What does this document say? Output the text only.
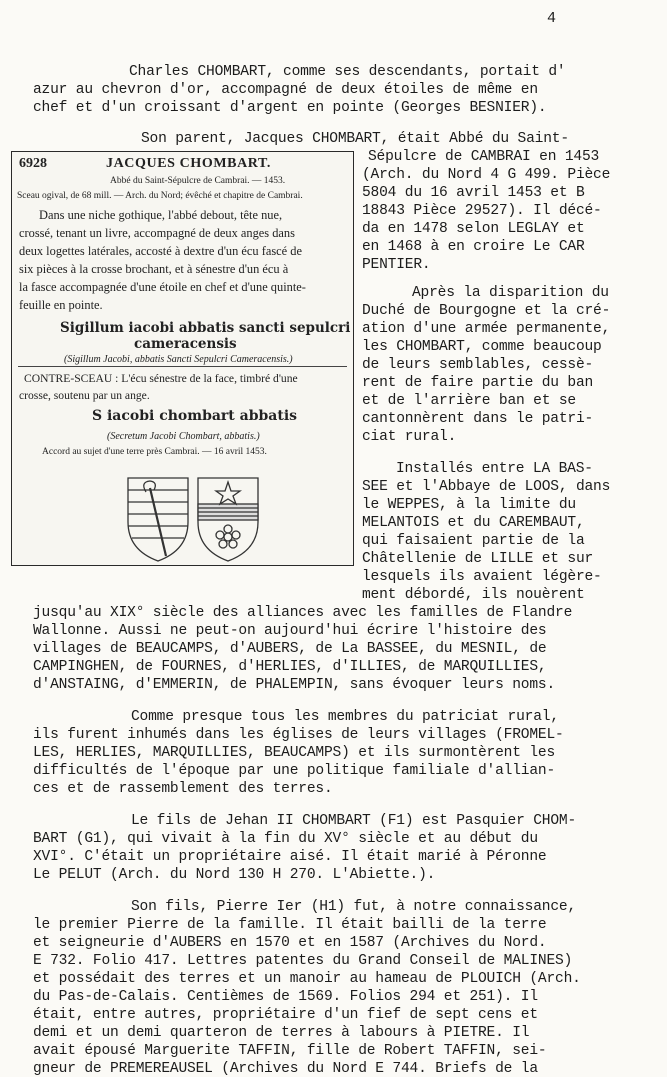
4
Charles CHOMBART, comme ses descendants, portait d'
azur au chevron d'or, accompagné de deux étoiles de même en
chef et d'un croissant d'argent en pointe (Georges BESNIER).
Son parent, Jacques CHOMBART, était Abbé du Saint-
Sépulcre de CAMBRAI en 1453
(Arch. du Nord 4 G 499. Pièce
5804 du 16 avril 1453 et B
18843 Pièce 29527). Il décé-
da en 1478 selon LEGLAY et
en 1468 à en croire Le CAR
PENTIER.
Après la disparition du
Duché de Bourgogne et la cré-
ation d'une armée permanente,
les CHOMBART, comme beaucoup
de leurs semblables, cessè-
rent de faire partie du ban
et de l'arrière ban et se
cantonnèrent dans le patri-
ciat rural.
Installés entre LA BAS-
SEE et l'Abbaye de LOOS, dans
le WEPPES, à la limite du
MELANTOIS et du CAREMBAUT,
qui faisaient partie de la
Châtellenie de LILLE et sur
lesquels ils avaient légère-
ment débordé, ils nouèrent
jusqu'au XIX° siècle des alliances avec les familles de Flandre
Wallonne. Aussi ne peut-on aujourd'hui écrire l'histoire des
villages de BEAUCAMPS, d'AUBERS, de La BASSEE, du MESNIL, de
CAMPINGHEN, de FOURNES, d'HERLIES, d'ILLIES, de MARQUILLIES,
d'ANSTAING, d'EMMERIN, de PHALEMPIN, sans évoquer leurs noms.
Comme presque tous les membres du patriciat rural,
ils furent inhumés dans les églises de leurs villages (FROMEL-
LES, HERLIES, MARQUILLIES, BEAUCAMPS) et ils surmontèrent les
difficultés de l'époque par une politique familiale d'allian-
ces et de rassemblement des terres.
Le fils de Jehan II CHOMBART (F1) est Pasquier CHOM-
BART (G1), qui vivait à la fin du XV° siècle et au début du
XVI°. C'était un propriétaire aisé. Il était marié à Péronne
Le PELUT (Arch. du Nord 130 H 270. L'Abiette.).
Son fils, Pierre Ier (H1) fut, à notre connaissance,
le premier Pierre de la famille. Il était bailli de la terre
et seigneurie d'AUBERS en 1570 et en 1587 (Archives du Nord.
E 732. Folio 417. Lettres patentes du Grand Conseil de MALINES)
et possédait des terres et un manoir au hameau de PLOUICH (Arch.
du Pas-de-Calais. Centièmes de 1569. Folios 294 et 251). Il
était, entre autres, propriétaire d'un fief de sept cens et
demi et un demi quarteron de terres à labours à PIETRE. Il
avait épousé Marguerite TAFFIN, fille de Robert TAFFIN, sei-
gneur de PREMEREAUSEL (Archives du Nord E 744. Briefs de la
6928	JACQUES CHOMBART.
Abbé du Saint-Sépulcre de Cambrai. — 1453.
Sceau ogival, de 68 mill. — Arch. du Nord; évêché et chapitre de Cambrai.
Dans une niche gothique, l'abbé debout, tête nue,
crossé, tenant un livre, accompagné de deux anges dans
deux logettes latérales, accosté à dextre d'un écu fascé de
six pièces à la crosse brochant, et à sénestre d'un écu à
la fasce accompagnée d'une étoile en chef et d'une quinte-
feuille en pointe.
Sigillum iacobi abbatis sancti sepulcri
cameracensis
(Sigillum Jacobi, abbatis Sancti Sepulcri Cameracensis.)
CONTRE-SCEAU : L'écu sénestre de la face, timbré d'une
crosse, soutenu par un ange.
S iacobi chombart abbatis
(Secretum Jacobi Chombart, abbatis.)
Accord au sujet d'une terre près Cambrai. — 16 avril 1453.
